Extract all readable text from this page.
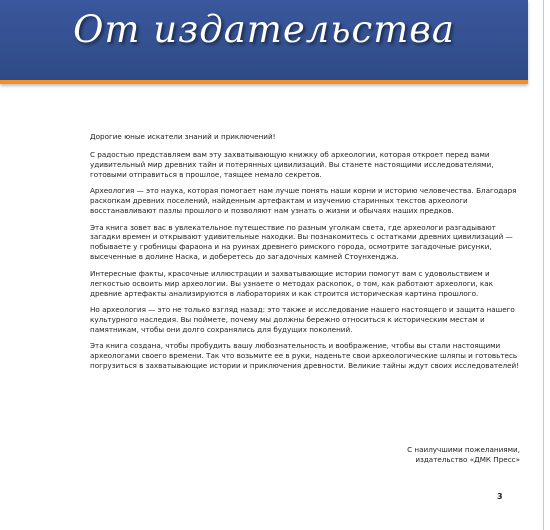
От издательства

Дорогие юные искатели знаний и приключений!

С радостью представляем вам эту захватывающую книжку об археологии, которая откроет перед вами удивительный мир древних тайн и потерянных цивилизаций. Вы станете настоящими исследователями, готовыми отправиться в прошлое, таящее немало секретов.

Археология — это наука, которая помогает нам лучше понять наши корни и историю человечества. Благодаря раскопкам древних поселений, найденным артефактам и изучению старинных текстов археологи восстанавливают пазлы прошлого и позволяют нам узнать о жизни и обычаях наших предков.

Эта книга зовет вас в увлекательное путешествие по разным уголкам света, где археологи разгадывают загадки времен и открывают удивительные находки. Вы познакомитесь с остатками древних цивилизаций — побываете у гробницы фараона и на руинах древнего римского города, осмотрите загадочные рисунки, высеченные в долине Наска, и доберетесь до загадочных камней Стоунхенджа.

Интересные факты, красочные иллюстрации и захватывающие истории помогут вам с удовольствием и легкостью освоить мир археологии. Вы узнаете о методах раскопок, о том, как работают археологи, как древние артефакты анализируются в лабораториях и как строится историческая картина прошлого.

Но археология — это не только взгляд назад: это также и исследование нашего настоящего и защита нашего культурного наследия. Вы поймете, почему мы должны бережно относиться к историческим местам и памятникам, чтобы они долго сохранялись для будущих поколений.

Эта книга создана, чтобы пробудить вашу любознательность и воображение, чтобы вы стали настоящими археологами своего времени. Так что возьмите ее в руки, наденьте свои археологические шляпы и готовьтесь погрузиться в захватывающие истории и приключения древности. Великие тайны ждут своих исследователей!

С наилучшими пожеланиями,
издательство «ДМК Пресс»
3
